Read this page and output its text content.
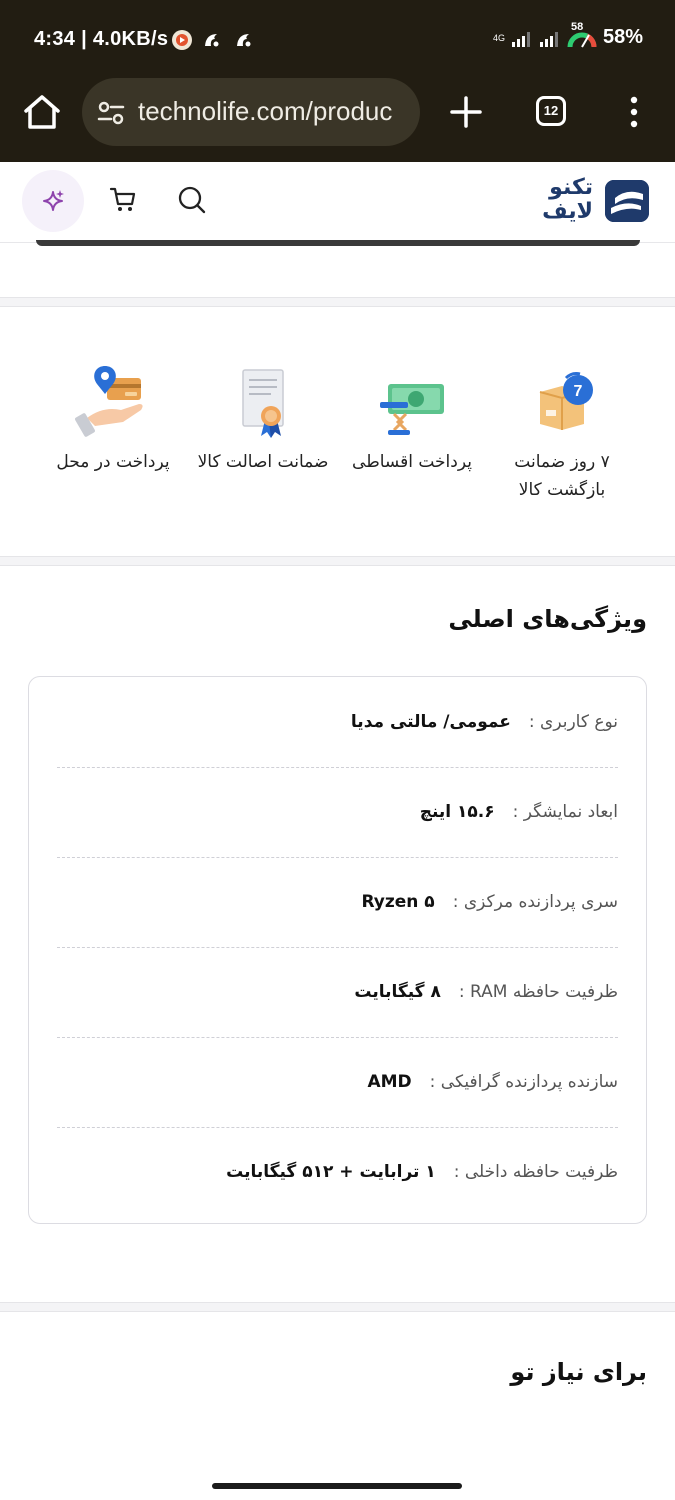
4:34 | 4.0KB/s	4G
58 58%
technolife.com/produc	12
تکنو
لایف
7
۷ روز ضمانت بازگشت کالا
پرداخت اقساطی
ضمانت اصالت کالا
پرداخت در محل
ویژگی‌های اصلی
نوع کاربری :
عمومی/ مالتی مدیا
ابعاد نمایشگر :
۱۵.۶ اینچ
سری پردازنده مرکزی :
Ryzen ۵
ظرفیت حافظه RAM :
۸ گیگابایت
سازنده پردازنده گرافیکی :
AMD
ظرفیت حافظه داخلی :
۱ ترابایت + ۵۱۲ گیگابایت
برای نیاز تو
